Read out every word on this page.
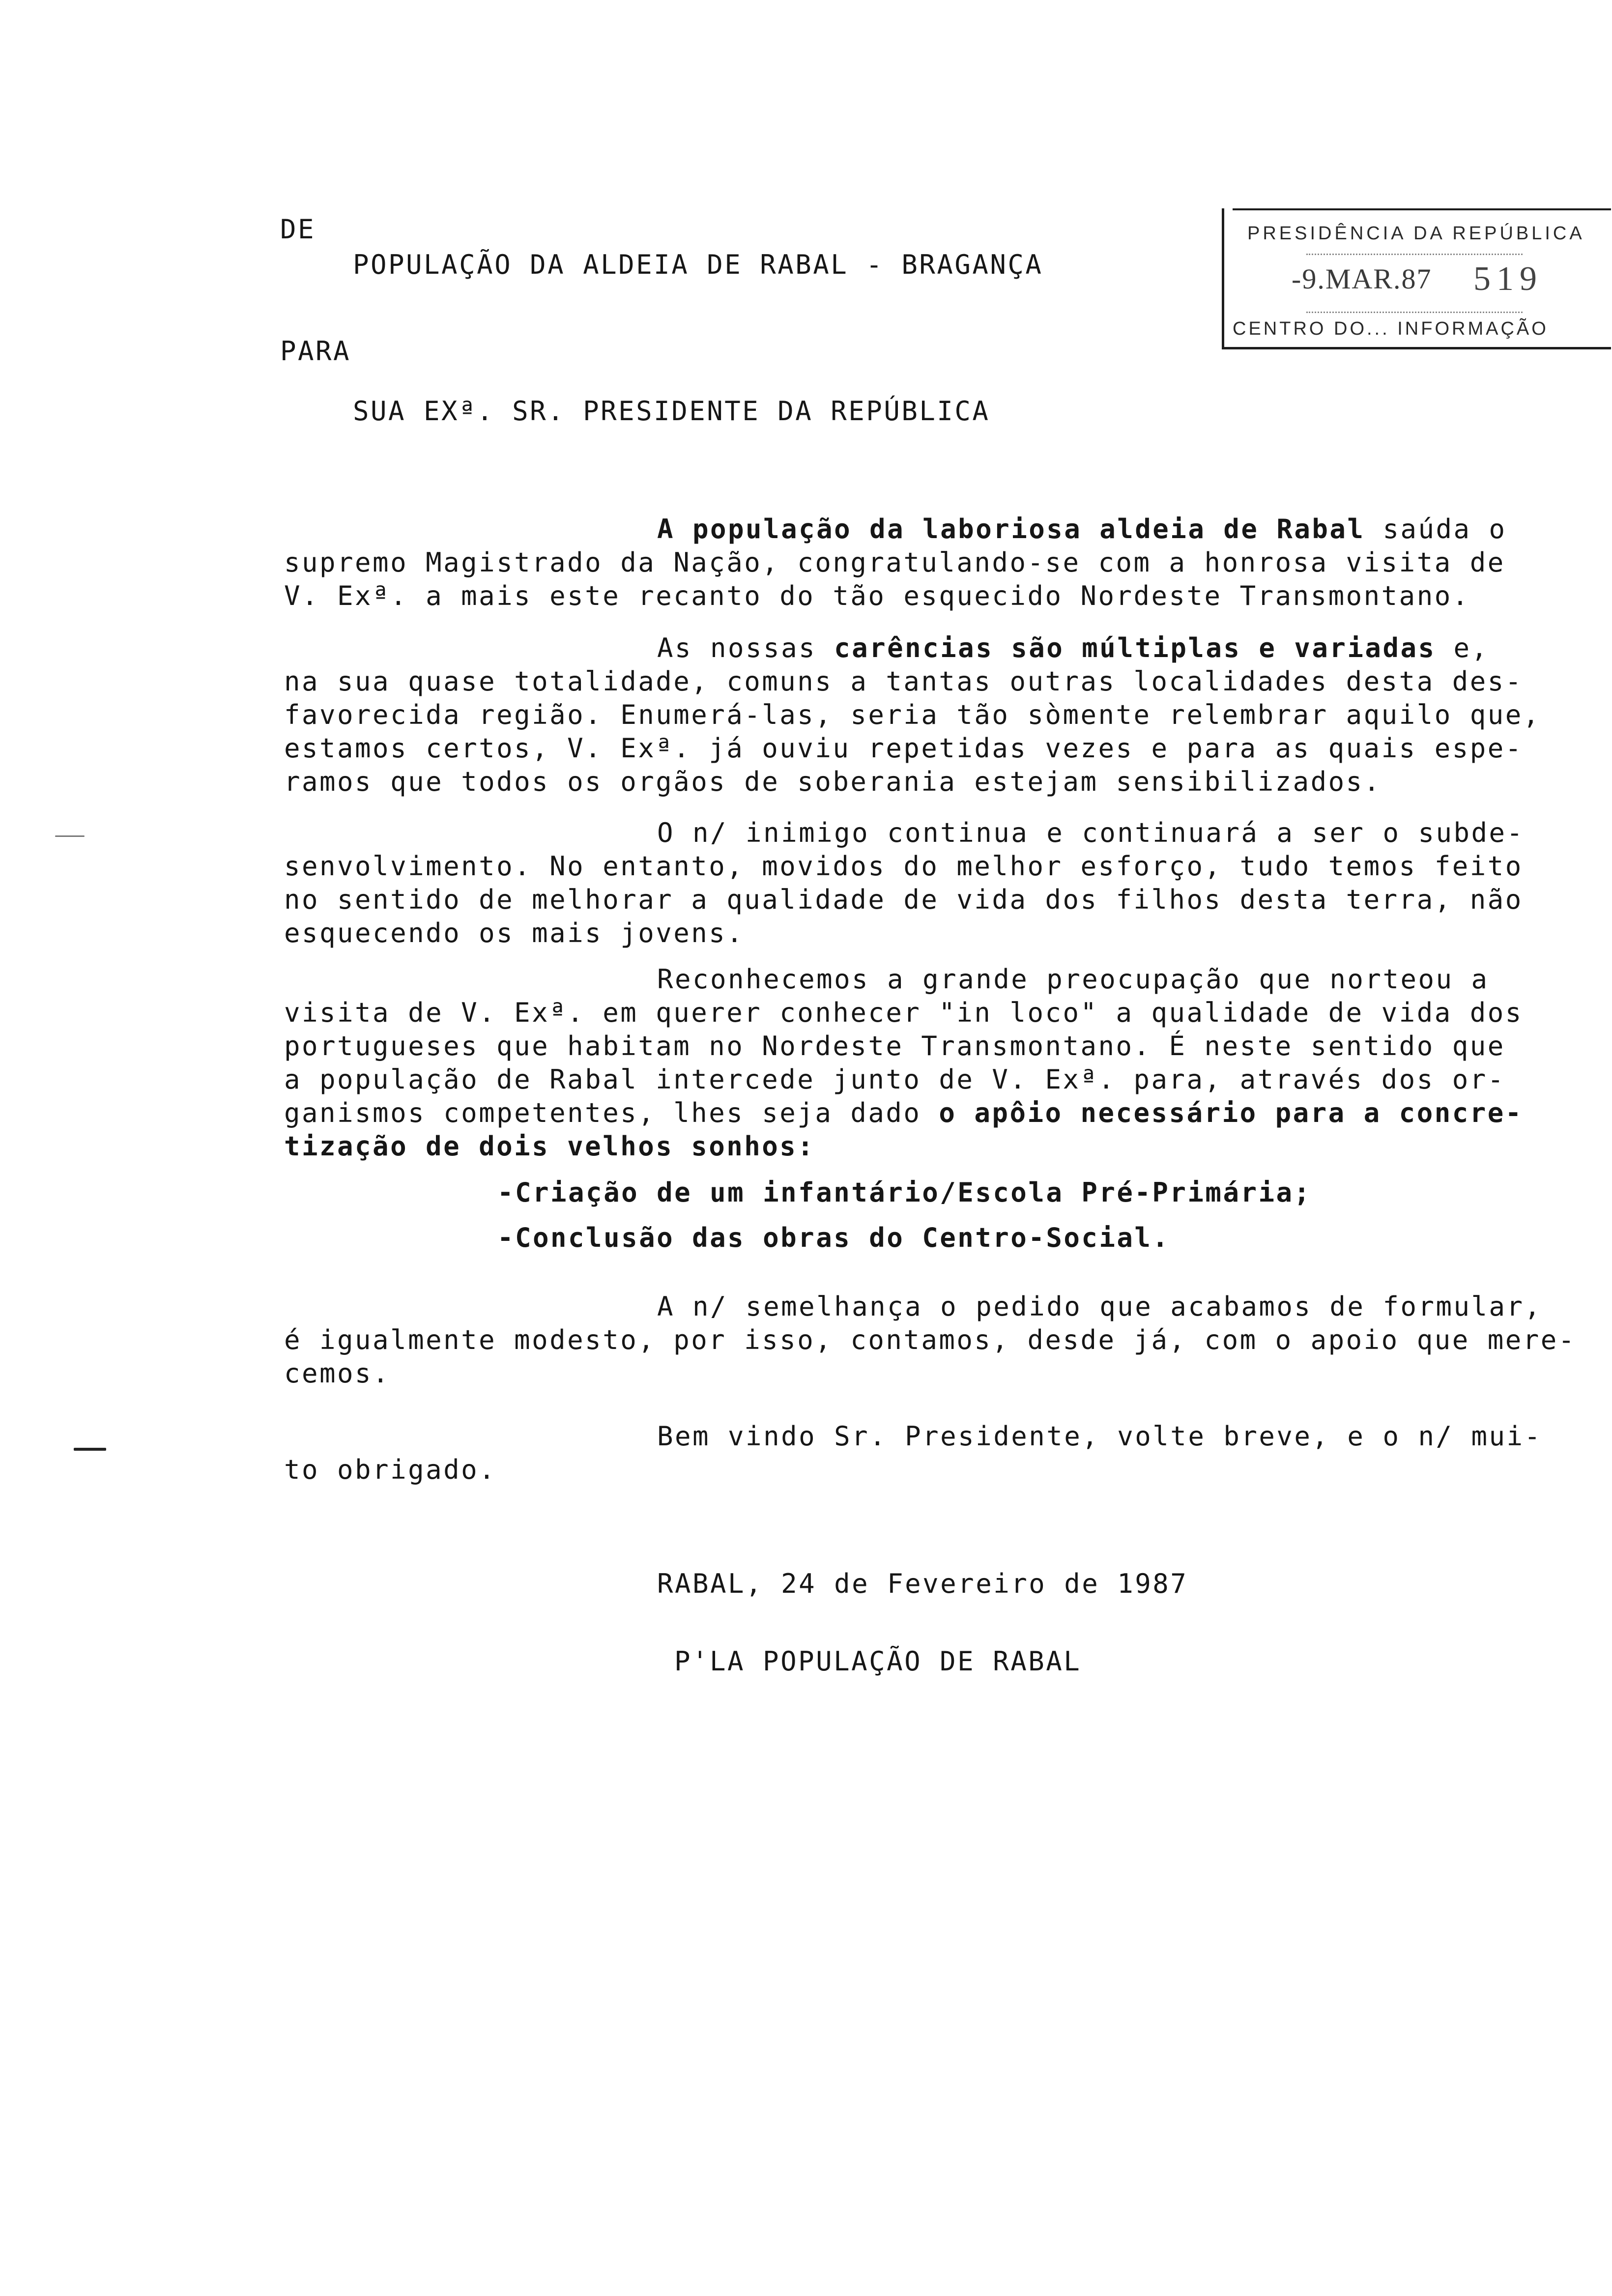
DE
POPULAÇÃO DA ALDEIA DE RABAL - BRAGANÇA
PARA
SUA EXª. SR. PRESIDENTE DA REPÚBLICA
PRESIDÊNCIA DA REPÚBLICA
-9.MAR.87 519
CENTRO DO... INFORMAÇÃO
A população da laboriosa aldeia de Rabal saúda o
supremo Magistrado da Nação, congratulando-se com a honrosa visita de
V. Exª. a mais este recanto do tão esquecido Nordeste Transmontano.
As nossas carências são múltiplas e variadas e,
na sua quase totalidade, comuns a tantas outras localidades desta des-
favorecida região. Enumerá-las, seria tão sòmente relembrar aquilo que,
estamos certos, V. Exª. já ouviu repetidas vezes e para as quais espe-
ramos que todos os orgãos de soberania estejam sensibilizados.
O n/ inimigo continua e continuará a ser o subde-
senvolvimento. No entanto, movidos do melhor esforço, tudo temos feito
no sentido de melhorar a qualidade de vida dos filhos desta terra, não
esquecendo os mais jovens.
Reconhecemos a grande preocupação que norteou a
visita de V. Exª. em querer conhecer "in loco" a qualidade de vida dos
portugueses que habitam no Nordeste Transmontano. É neste sentido que
a população de Rabal intercede junto de V. Exª. para, através dos or-
ganismos competentes, lhes seja dado o apôio necessário para a concre-
tização de dois velhos sonhos:
-Criação de um infantário/Escola Pré-Primária;
-Conclusão das obras do Centro-Social.
A n/ semelhança o pedido que acabamos de formular,
é igualmente modesto, por isso, contamos, desde já, com o apoio que mere-
cemos.
Bem vindo Sr. Presidente, volte breve, e o n/ mui-
to obrigado.
RABAL, 24 de Fevereiro de 1987
P'LA POPULAÇÃO DE RABAL
